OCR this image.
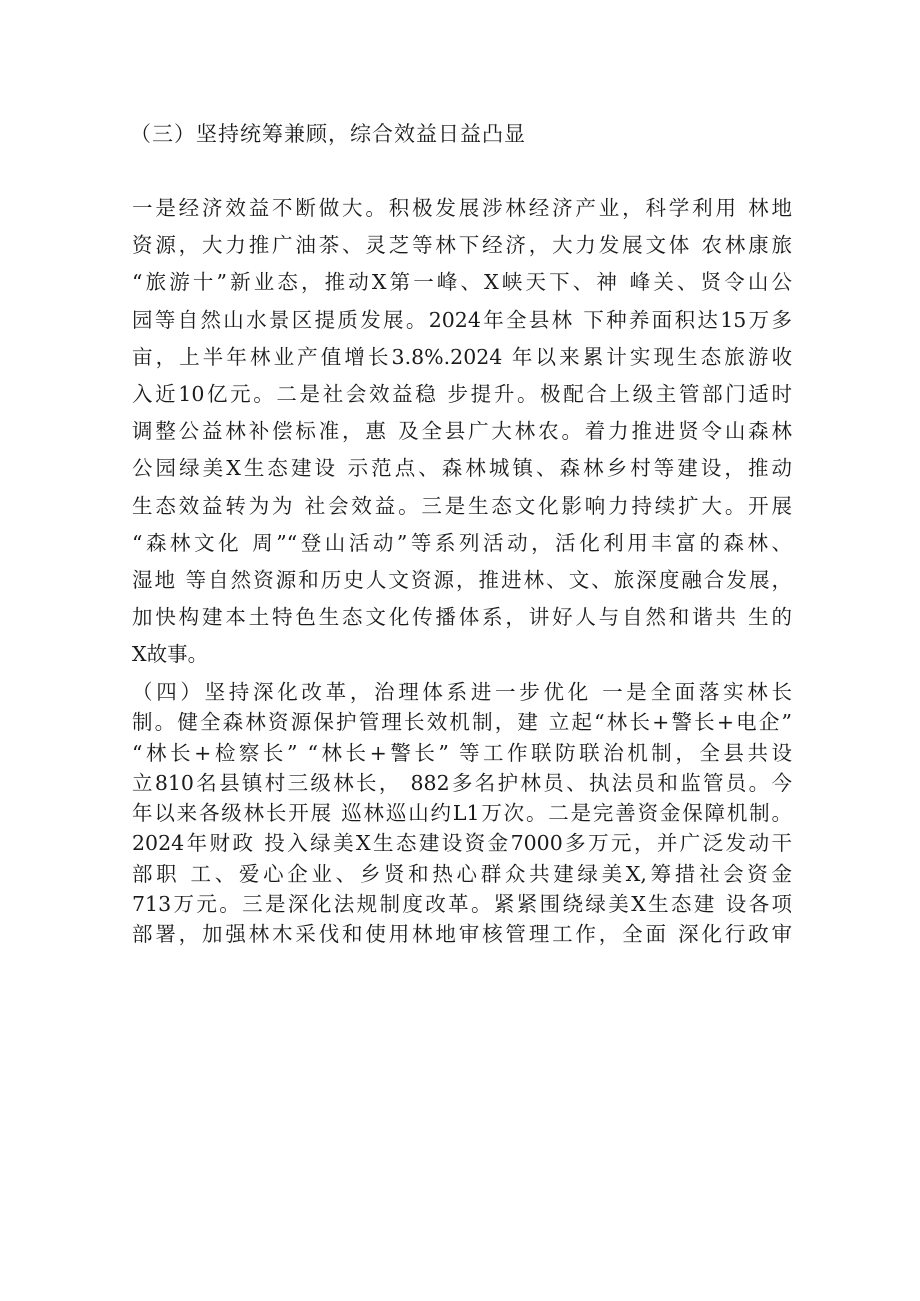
（三）坚持统筹兼顾，综合效益日益凸显
一是经济效益不断做大。积极发展涉林经济产业，科学利用 林地
资源，大力推广油茶、灵芝等林下经济，大力发展文体 农林康旅
“旅游十”新业态，推动X第一峰、X峡天下、神 峰关、贤令山公
园等自然山水景区提质发展。2024年全县林 下种养面积达15万多
亩，上半年林业产值增长3.8%.2024 年以来累计实现生态旅游收
入近10亿元。二是社会效益稳 步提升。极配合上级主管部门适时
调整公益林补偿标准，惠 及全县广大林农。着力推进贤令山森林
公园绿美X生态建设 示范点、森林城镇、森林乡村等建设，推动
生态效益转为为 社会效益。三是生态文化影响力持续扩大。开展
“森林文化 周”“登山活动”等系列活动，活化利用丰富的森林、
湿地 等自然资源和历史人文资源，推进林、文、旅深度融合发展，
加快构建本土特色生态文化传播体系，讲好人与自然和谐共 生的
X故事。
（四）坚持深化改革，治理体系进一步优化 一是全面落实林长
制。健全森林资源保护管理长效机制，建 立起“林长+警长+电企”
“林长+检察长” “林长+警长” 等工作联防联治机制，全县共设
立810名县镇村三级林长， 882多名护林员、执法员和监管员。今
年以来各级林长开展 巡林巡山约L1万次。二是完善资金保障机制。
2024年财政 投入绿美X生态建设资金7000多万元，并广泛发动干
部职 工、爱心企业、乡贤和热心群众共建绿美X,筹措社会资金
713万元。三是深化法规制度改革。紧紧围绕绿美X生态建 设各项
部署，加强林木采伐和使用林地审核管理工作，全面 深化行政审
